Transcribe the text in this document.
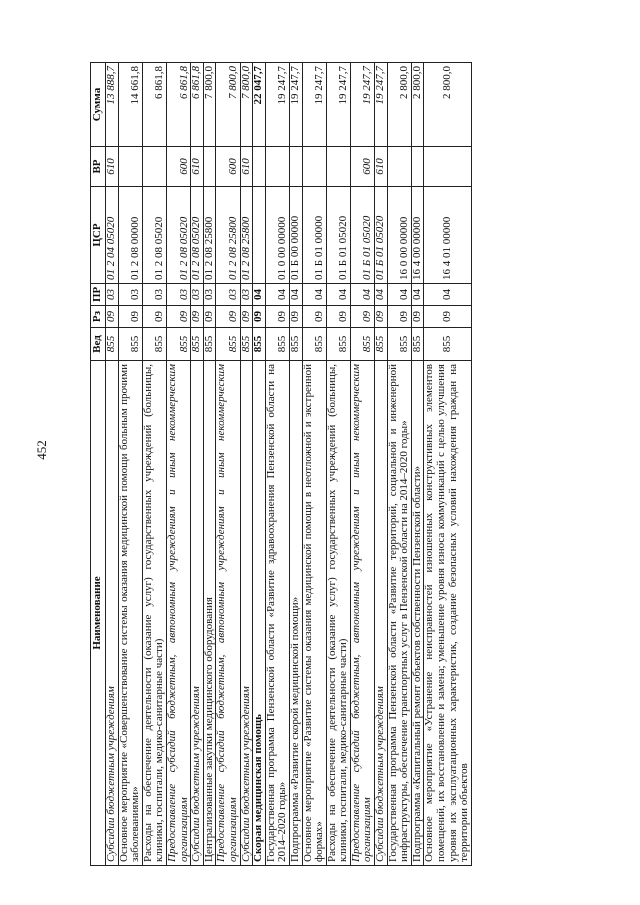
452
Наименование	Вед	Рз	ПР	ЦСР	ВР	Сумма
Субсидии бюджетным учреждениям	855	09	03	01 2 04 05020	610	13 888,7
Основное мероприятие «Совершенствование системы оказания медицинской помощи больным прочими заболеваниями»	855	09	03	01 2 08 00000		14 661,8
Расходы на обеспечение деятельности (оказание услуг) государственных учреждений (больницы, клиники, госпитали, медико-санитарные части)	855	09	03	01 2 08 05020		6 861,8
Предоставление субсидий бюджетным, автономным учреждениям и иным некоммерческим организациям	855	09	03	01 2 08 05020	600	6 861,8
Субсидии бюджетным учреждениям	855	09	03	01 2 08 05020	610	6 861,8
Централизованные закупки медицинского оборудования	855	09	03	01 2 08 25800		7 800,0
Предоставление субсидий бюджетным, автономным учреждениям и иным некоммерческим организациям	855	09	03	01 2 08 25800	600	7 800,0
Субсидии бюджетным учреждениям	855	09	03	01 2 08 25800	610	7 800,0
Скорая медицинская помощь	855	09	04			22 047,7
Государственная программа Пензенской области «Развитие здравоохранения Пензенской области на 2014–2020 годы»	855	09	04	01 0 00 00000		19 247,7
Подпрограмма «Развитие скорой медицинской помощи»	855	09	04	01 Б 00 00000		19 247,7
Основное мероприятие «Развитие системы оказания медицинской помощи в неотложной и экстренной формах»	855	09	04	01 Б 01 00000		19 247,7
Расходы на обеспечение деятельности (оказание услуг) государственных учреждений (больницы, клиники, госпитали, медико-санитарные части)	855	09	04	01 Б 01 05020		19 247,7
Предоставление субсидий бюджетным, автономным учреждениям и иным некоммерческим организациям	855	09	04	01 Б 01 05020	600	19 247,7
Субсидии бюджетным учреждениям	855	09	04	01 Б 01 05020	610	19 247,7
Государственная программа Пензенской области «Развитие территорий, социальной и инженерной инфраструктуры, обеспечение транспортных услуг в Пензенской области на 2014–2020 годы»	855	09	04	16 0 00 00000		2 800,0
Подпрограмма «Капитальный ремонт объектов собственности Пензенской области»	855	09	04	16 4 00 00000		2 800,0
Основное мероприятие «Устранение неисправностей изношенных конструктивных элементов помещений, их восстановление и замена; уменьшение уровня износа коммуникаций с целью улучшения уровня их эксплуатационных характеристик, создание безопасных условий нахождения граждан на территории объектов	855	09	04	16 4 01 00000		2 800,0
